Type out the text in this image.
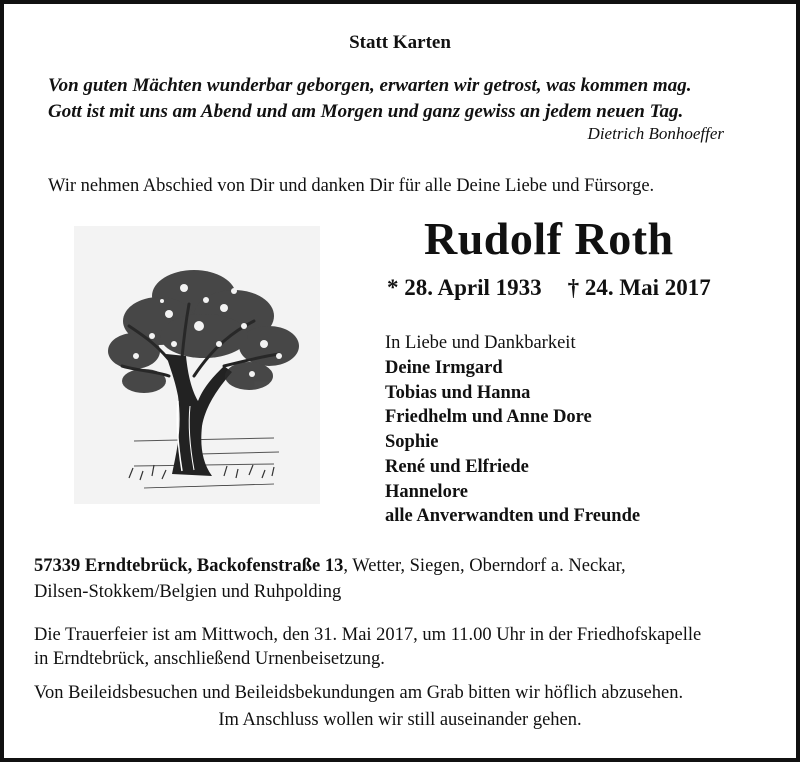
Statt Karten
Von guten Mächten wunderbar geborgen, erwarten wir getrost, was kommen mag.
Gott ist mit uns am Abend und am Morgen und ganz gewiss an jedem neuen Tag.
Dietrich Bonhoeffer
Wir nehmen Abschied von Dir und danken Dir für alle Deine Liebe und Fürsorge.
Rudolf Roth
* 28. April 1933 † 24. Mai 2017
In Liebe und Dankbarkeit
Deine Irmgard
Tobias und Hanna
Friedhelm und Anne Dore
Sophie
René und Elfriede
Hannelore
alle Anverwandten und Freunde
57339 Erndtebrück, Backofenstraße 13, Wetter, Siegen, Oberndorf a. Neckar,
Dilsen-Stokkem/Belgien und Ruhpolding
Die Trauerfeier ist am Mittwoch, den 31. Mai 2017, um 11.00 Uhr in der Friedhofskapelle
in Erndtebrück, anschließend Urnenbeisetzung.
Von Beileidsbesuchen und Beileidsbekundungen am Grab bitten wir höflich abzusehen.
Im Anschluss wollen wir still auseinander gehen.
